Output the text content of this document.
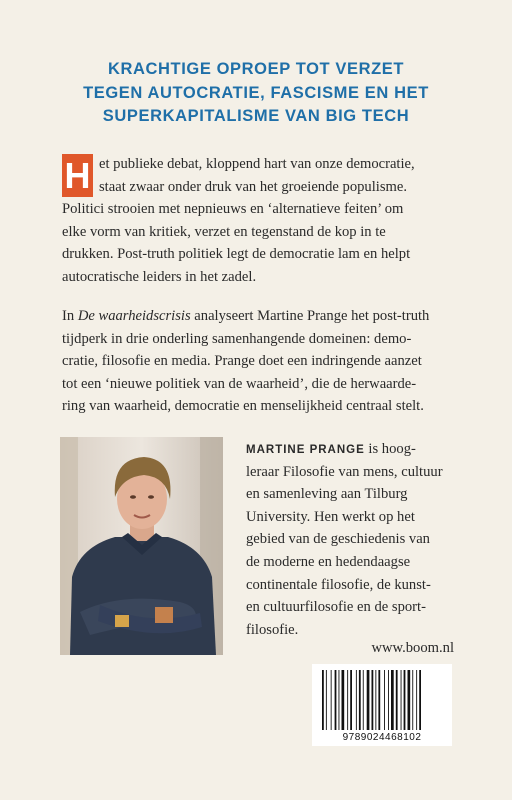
KRACHTIGE OPROEP TOT VERZET
TEGEN AUTOCRATIE, FASCISME EN HET
SUPERKAPITALISME VAN BIG TECH
H et publieke debat, kloppend hart van onze democratie,
staat zwaar onder druk van het groeiende populisme.
Politici strooien met nepnieuws en ‘alternatieve feiten’ om
elke vorm van kritiek, verzet en tegenstand de kop in te
drukken. Post-truth politiek legt de democratie lam en helpt
autocratische leiders in het zadel.
In De waarheidscrisis analyseert Martine Prange het post-truth
tijdperk in drie onderling samenhangende domeinen: demo-
cratie, filosofie en media. Prange doet een indringende aanzet
tot een ‘nieuwe politiek van de waarheid’, die de herwaarde-
ring van waarheid, democratie en menselijkheid centraal stelt.
MARTINE PRANGE is hoog-
leraar Filosofie van mens, cultuur
en samenleving aan Tilburg
University. Hen werkt op het
gebied van de geschiedenis van
de moderne en hedendaagse
continentale filosofie, de kunst-
en cultuurfilosofie en de sport-
filosofie.
www.boom.nl
9789024468102
